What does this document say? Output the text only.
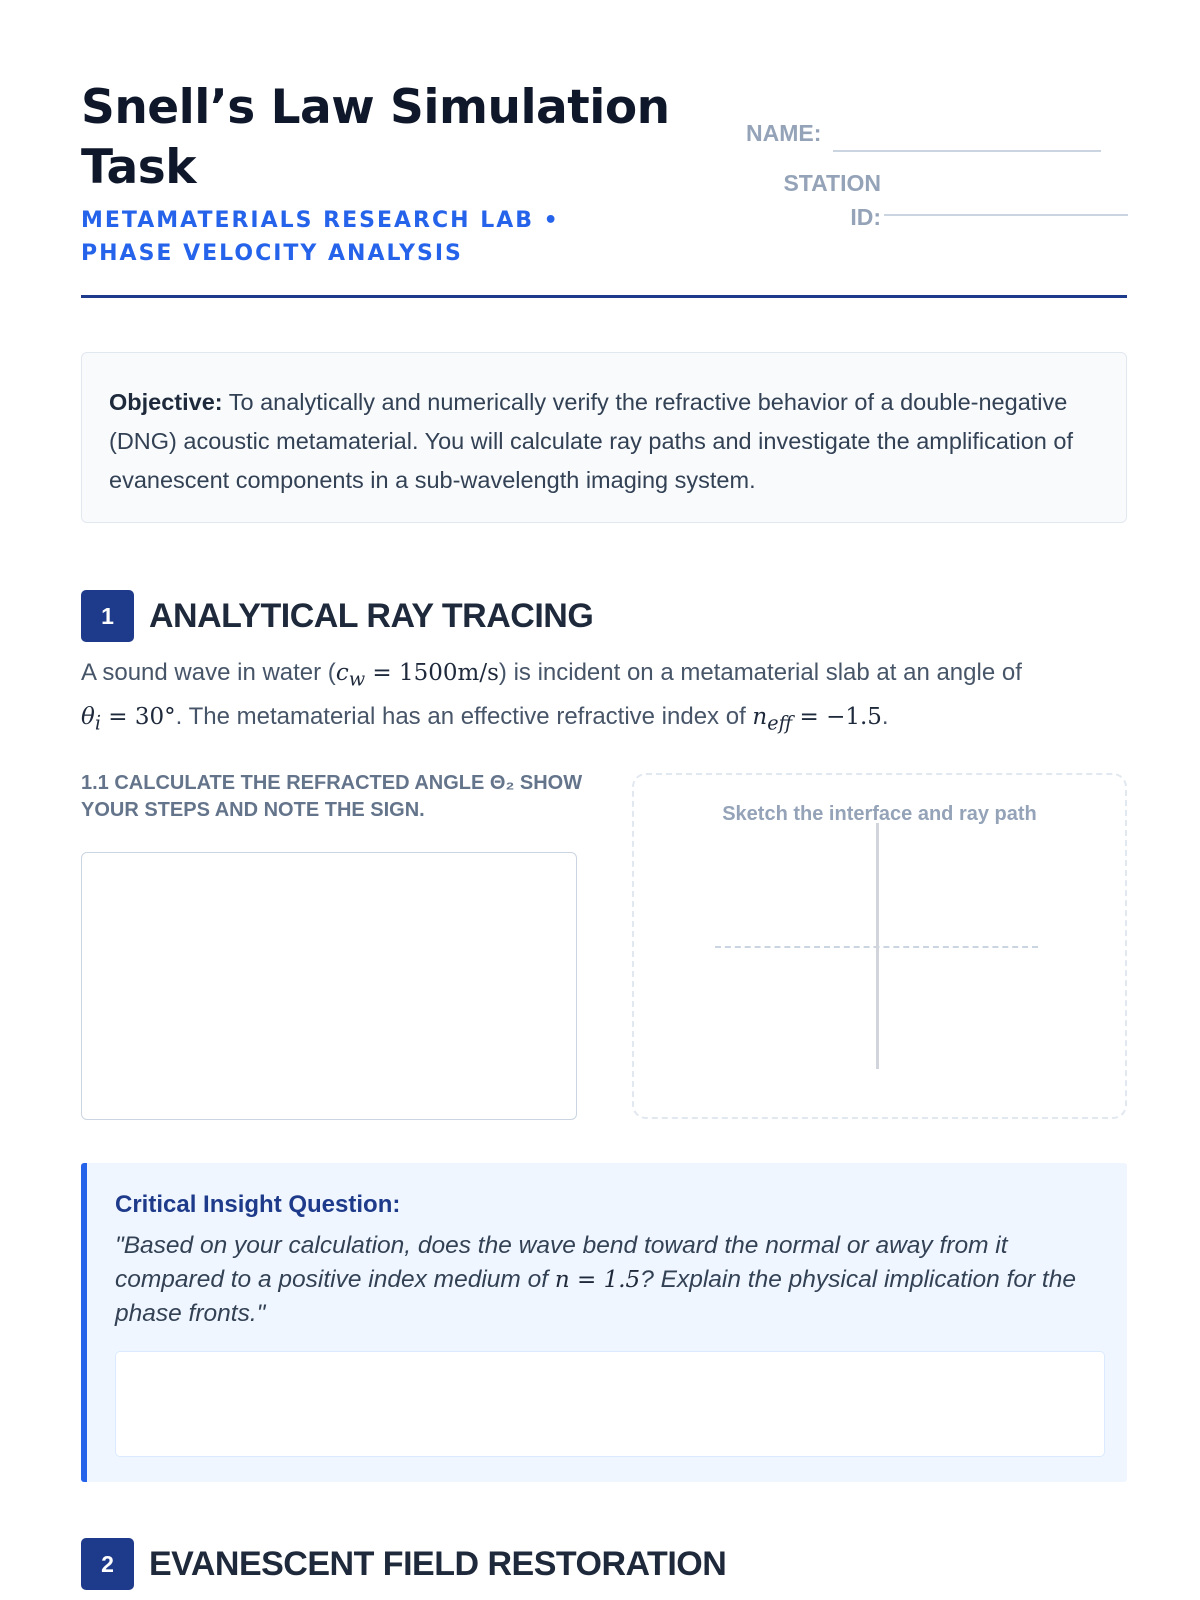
Snell’s Law Simulation Task
METAMATERIALS RESEARCH LAB • PHASE VELOCITY ANALYSIS
NAME:
STATION ID:
Objective: To analytically and numerically verify the refractive behavior of a double-negative (DNG) acoustic metamaterial. You will calculate ray paths and investigate the amplification of evanescent components in a sub-wavelength imaging system.
1	ANALYTICAL RAY TRACING

A sound wave in water $(c_w = 1500m/s)$ is incident on a metamaterial slab at an angle of
$\theta_i = 30^\circ$. The metamaterial has an effective refractive index of $n_{eff} = -1.5$.

1.1 CALCULATE THE REFRACTED ANGLE Θ₂ SHOW YOUR STEPS AND NOTE THE SIGN.	Sketch the interface and ray path
Critical Insight Question:
"Based on your calculation, does the wave bend toward the normal or away from it compared to a positive index medium of n = 1.5? Explain the physical implication for the phase fronts."
2	EVANESCENT FIELD RESTORATION
